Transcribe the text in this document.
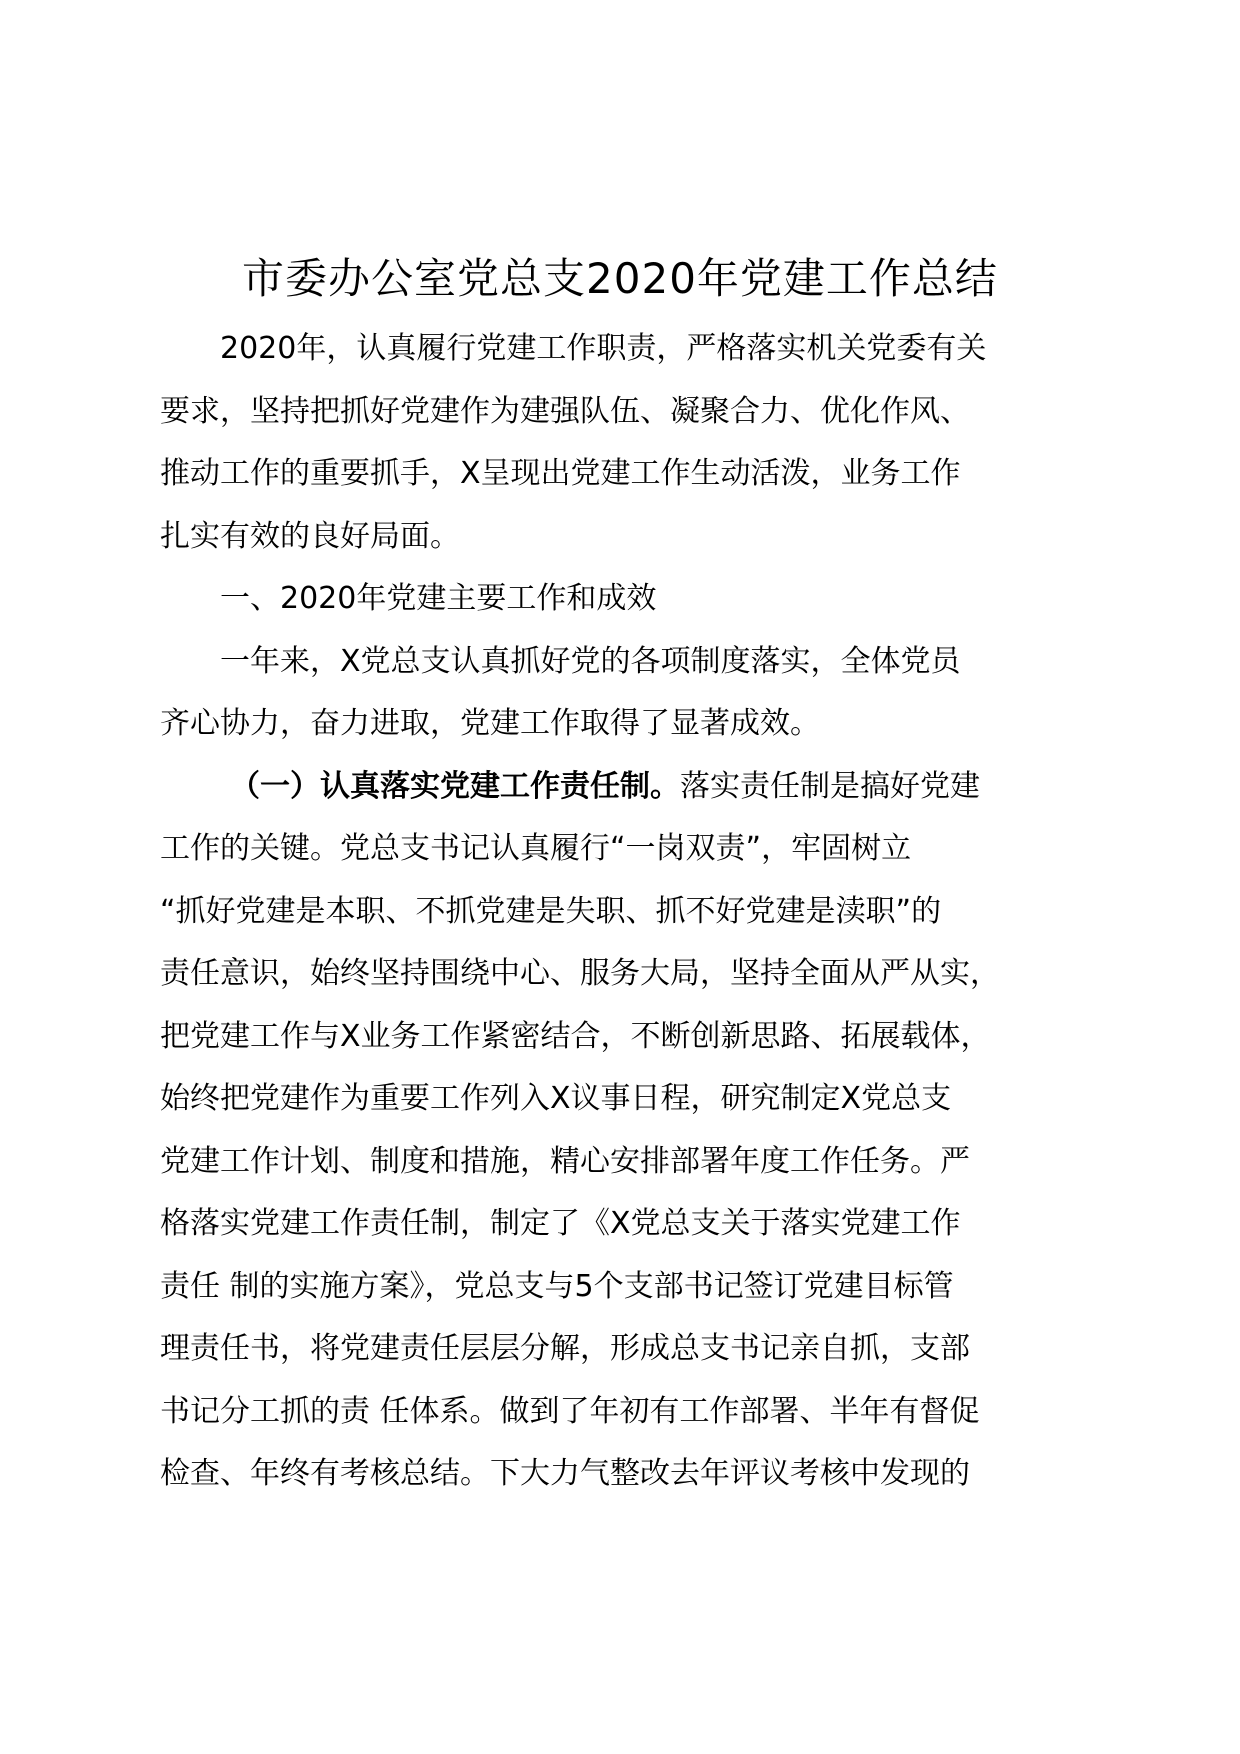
市委办公室党总支2020年党建工作总结
2020年，认真履行党建工作职责，严格落实机关党委有关
要求，坚持把抓好党建作为建强队伍、凝聚合力、优化作风、
推动工作的重要抓手，X呈现出党建工作生动活泼，业务工作
扎实有效的良好局面。
一、2020年党建主要工作和成效
一年来，X党总支认真抓好党的各项制度落实，全体党员
齐心协力，奋力进取，党建工作取得了显著成效。
（一）认真落实党建工作责任制。落实责任制是搞好党建
工作的关键。党总支书记认真履行“一岗双责”，牢固树立
“抓好党建是本职、不抓党建是失职、抓不好党建是渎职”的
责任意识，始终坚持围绕中心、服务大局，坚持全面从严从实，
把党建工作与X业务工作紧密结合，不断创新思路、拓展载体，
始终把党建作为重要工作列入X议事日程，研究制定X党总支
党建工作计划、制度和措施，精心安排部署年度工作任务。严
格落实党建工作责任制，制定了《X党总支关于落实党建工作
责任 制的实施方案》，党总支与5个支部书记签订党建目标管
理责任书，将党建责任层层分解，形成总支书记亲自抓，支部
书记分工抓的责 任体系。做到了年初有工作部署、半年有督促
检查、年终有考核总结。下大力气整改去年评议考核中发现的
